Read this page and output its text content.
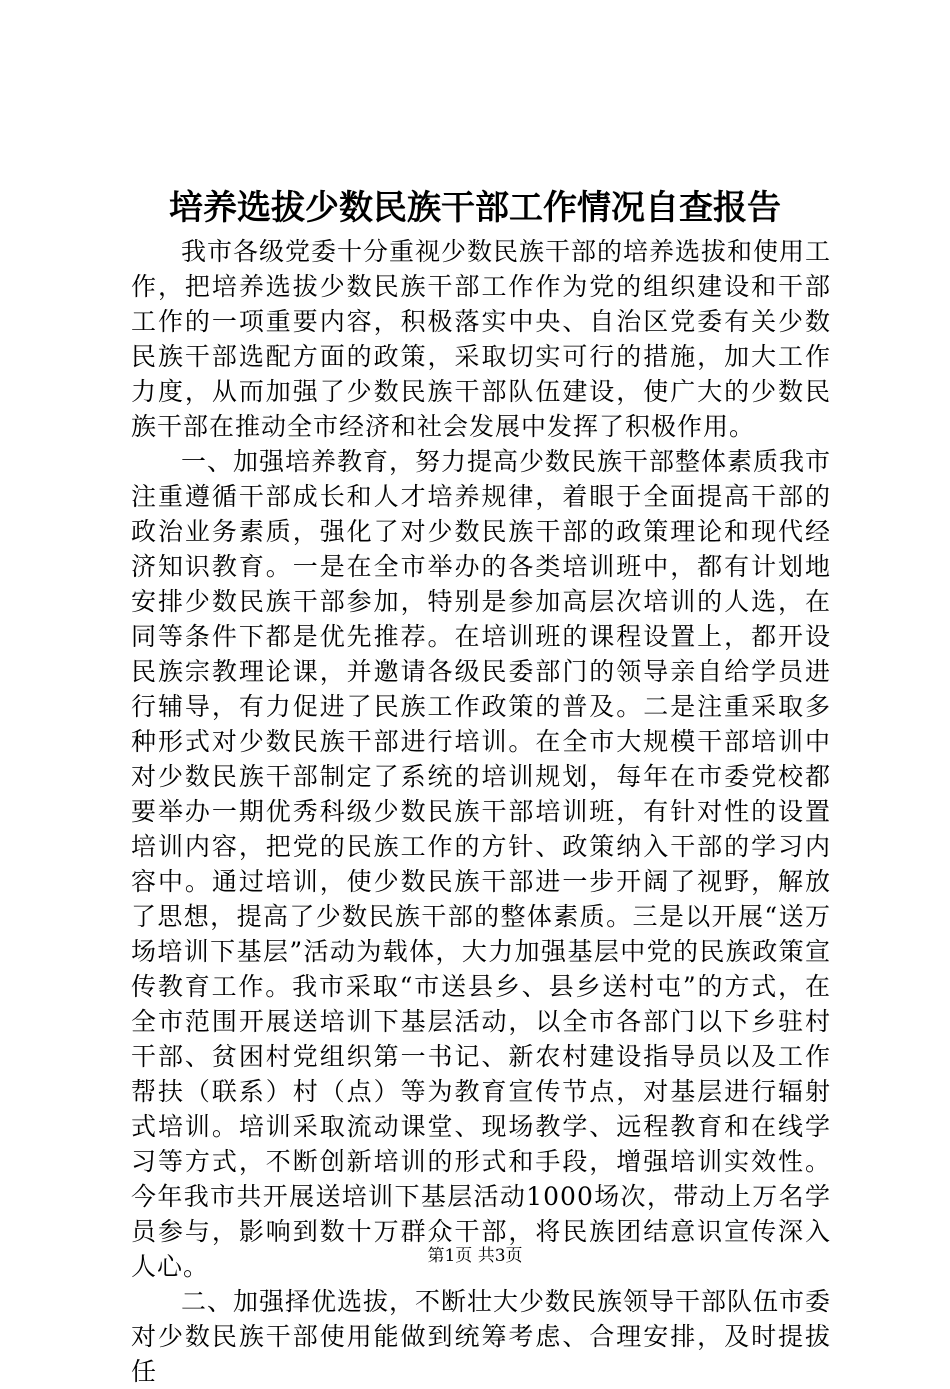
培养选拔少数民族干部工作情况自查报告

我市各级党委十分重视少数民族干部的培养选拔和使用工作，把培养选拔少数民族干部工作作为党的组织建设和干部工作的一项重要内容，积极落实中央、自治区党委有关少数民族干部选配方面的政策，采取切实可行的措施，加大工作力度，从而加强了少数民族干部队伍建设，使广大的少数民族干部在推动全市经济和社会发展中发挥了积极作用。

一、加强培养教育，努力提高少数民族干部整体素质我市注重遵循干部成长和人才培养规律，着眼于全面提高干部的政治业务素质，强化了对少数民族干部的政策理论和现代经济知识教育。一是在全市举办的各类培训班中，都有计划地安排少数民族干部参加，特别是参加高层次培训的人选，在同等条件下都是优先推荐。在培训班的课程设置上，都开设民族宗教理论课，并邀请各级民委部门的领导亲自给学员进行辅导，有力促进了民族工作政策的普及。二是注重采取多种形式对少数民族干部进行培训。在全市大规模干部培训中对少数民族干部制定了系统的培训规划，每年在市委党校都要举办一期优秀科级少数民族干部培训班，有针对性的设置培训内容，把党的民族工作的方针、政策纳入干部的学习内容中。通过培训，使少数民族干部进一步开阔了视野，解放了思想，提高了少数民族干部的整体素质。三是以开展“送万场培训下基层”活动为载体，大力加强基层中党的民族政策宣传教育工作。我市采取“市送县乡、县乡送村屯”的方式，在全市范围开展送培训下基层活动，以全市各部门以下乡驻村干部、贫困村党组织第一书记、新农村建设指导员以及工作帮扶（联系）村（点）等为教育宣传节点，对基层进行辐射式培训。培训采取流动课堂、现场教学、远程教育和在线学习等方式，不断创新培训的形式和手段，增强培训实效性。今年我市共开展送培训下基层活动1000场次，带动上万名学员参与，影响到数十万群众干部，将民族团结意识宣传深入人心。

二、加强择优选拔，不断壮大少数民族领导干部队伍市委对少数民族干部使用能做到统筹考虑、合理安排，及时提拔任

第1页 共3页
